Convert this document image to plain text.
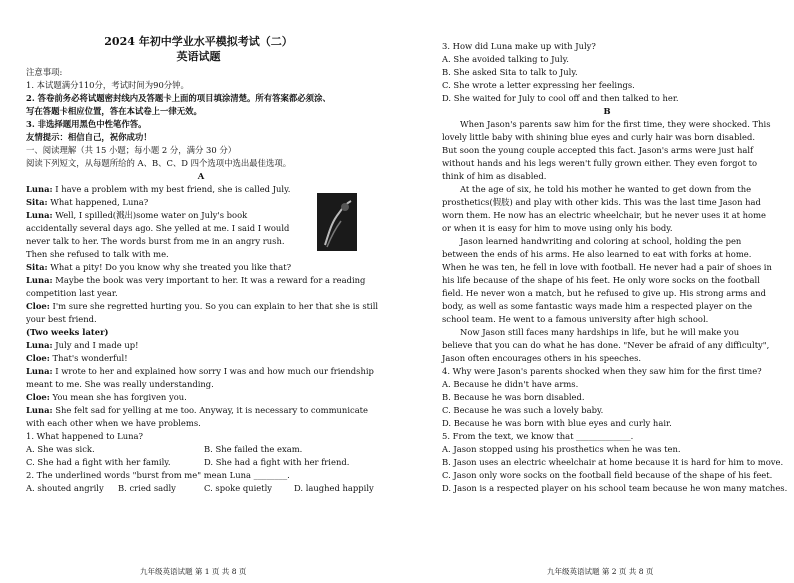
2024 年初中学业水平模拟考试（二）
英语试题
注意事项:
1. 本试题满分110分，考试时间为90分钟。
2. 答卷前务必将试题密封线内及答题卡上面的项目填涂清楚。所有答案都必须涂、
写在答题卡相应位置，答在本试卷上一律无效。
3. 非选择题用黑色中性笔作答。
友情提示：相信自己，祝你成功！
一、阅读理解（共 15 小题；每小题 2 分，满分 30 分）
阅读下列短文，从每题所给的 A、B、C、D 四个选项中选出最佳选项。
A
Luna: I have a problem with my best friend, she is called July.
Sita: What happened, Luna?
Luna: Well, I spilled(溅出)some water on July's book
accidentally several days ago. She yelled at me. I said I would
never talk to her. The words burst from me in an angry rush.
Then she refused to talk with me.
Sita: What a pity! Do you know why she treated you like that?
Luna: Maybe the book was very important to her. It was a reward for a reading
competition last year.
Cloe: I'm sure she regretted hurting you. So you can explain to her that she is still
your best friend.
(Two weeks later)
Luna: July and I made up!
Cloe: That's wonderful!
Luna: I wrote to her and explained how sorry I was and how much our friendship
meant to me. She was really understanding.
Cloe: You mean she has forgiven you.
Luna: She felt sad for yelling at me too. Anyway, it is necessary to communicate
with each other when we have problems.
1. What happened to Luna?
A. She was sick.	B. She failed the exam.
C. She had a fight with her family.	D. She had a fight with her friend.
2. The underlined words "burst from me" mean Luna ________.
A. shouted angrily	B. cried sadly	C. spoke quietly	D. laughed happily
九年级英语试题 第 1 页 共 8 页
3. How did Luna make up with July?
A. She avoided talking to July.
B. She asked Sita to talk to July.
C. She wrote a letter expressing her feelings.
D. She waited for July to cool off and then talked to her.
B
When Jason's parents saw him for the first time, they were shocked. This lovely little baby with shining blue eyes and curly hair was born disabled. But soon the young couple accepted this fact. Jason's arms were just half without hands and his legs weren't fully grown either. They even forgot to think of him as disabled.
At the age of six, he told his mother he wanted to get down from the prosthetics(假肢) and play with other kids. This was the last time Jason had worn them. He now has an electric wheelchair, but he never uses it at home or when it is easy for him to move using only his body.
Jason learned handwriting and coloring at school, holding the pen between the ends of his arms. He also learned to eat with forks at home. When he was ten, he fell in love with football. He never had a pair of shoes in his life because of the shape of his feet. He only wore socks on the football field. He never won a match, but he refused to give up. His strong arms and body, as well as some fantastic ways made him a respected player on the school team. He went to a famous university after high school.
Now Jason still faces many hardships in life, but he will make you believe that you can do what he has done. "Never be afraid of any difficulty", Jason often encourages others in his speeches.
4. Why were Jason's parents shocked when they saw him for the first time?
A. Because he didn't have arms.
B. Because he was born disabled.
C. Because he was such a lovely baby.
D. Because he was born with blue eyes and curly hair.
5. From the text, we know that _____________.
A. Jason stopped using his prosthetics when he was ten.
B. Jason uses an electric wheelchair at home because it is hard for him to move.
C. Jason only wore socks on the football field because of the shape of his feet.
D. Jason is a respected player on his school team because he won many matches.
九年级英语试题 第 2 页 共 8 页
